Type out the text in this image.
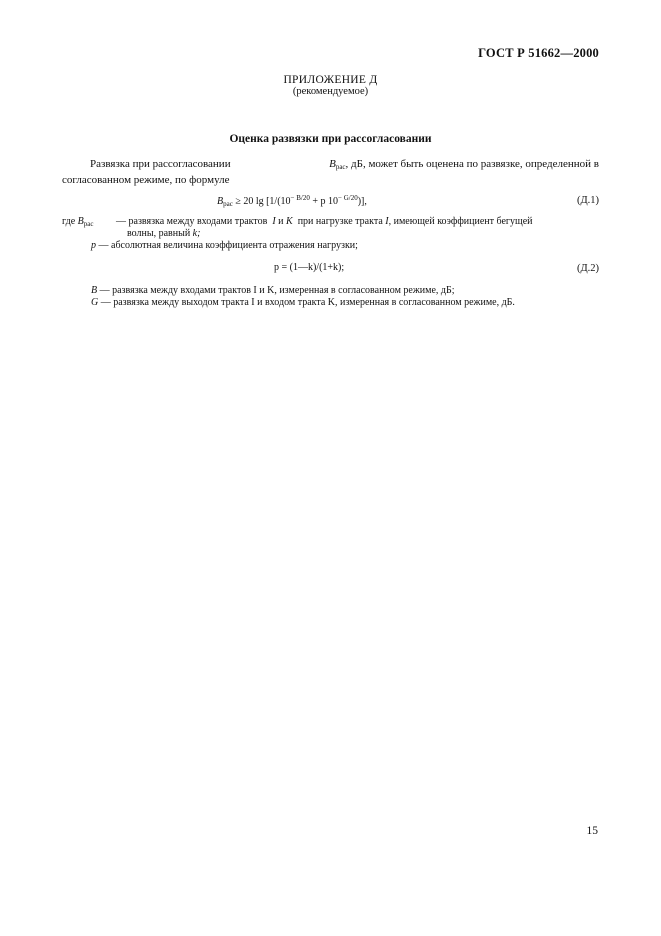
ГОСТ Р 51662—2000
ПРИЛОЖЕНИЕ Д
(рекомендуемое)
Оценка развязки при рассогласовании
Развязка при рассогласовании	$B_{рас}$, дБ, может быть оценена по развязке, определенной в
согласованном режиме, по формуле
$B_{рас} \ge 20$ $\lg [1/(10^{- B/20} + p$ $10^{- G/20}$)],	(Д.1)
где $B_{рас}$ — развязка между входами трактов I и K при нагрузке тракта I, имеющей коэффициент бегущей
волны, равный k;
p — абсолютная величина коэффициента отражения нагрузки;
p = (1—k)/(1+k);	(Д.2)
B — развязка между входами трактов I и K, измеренная в согласованном режиме, дБ;
G — развязка между выходом тракта I и входом тракта K, измеренная в согласованном режиме, дБ.
15
